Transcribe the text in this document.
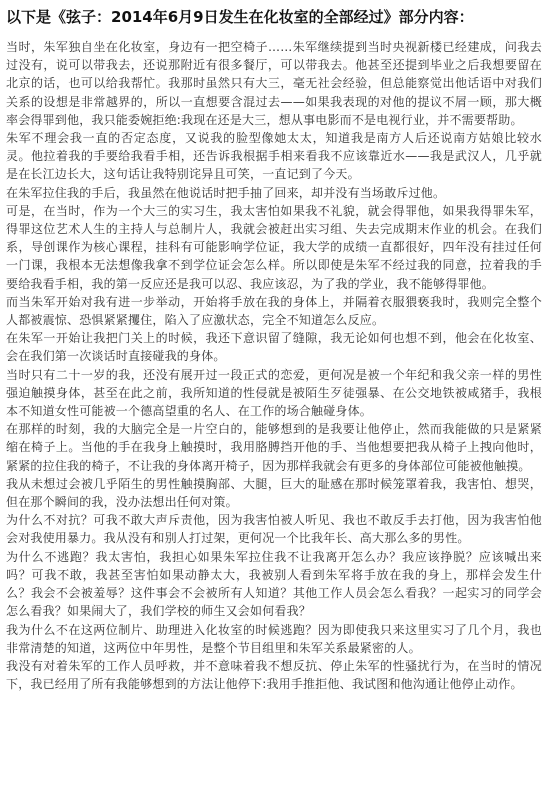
以下是《弦子：2014年6月9日发生在化妆室的全部经过》部分内容：

当时，朱军独自坐在化妆室，身边有一把空椅子……朱军继续提到当时央视新楼已经建成，问我去过没有，说可以带我去，还说那附近有很多餐厅，可以带我去。他甚至还提到毕业之后我想要留在北京的话，也可以给我帮忙。我那时虽然只有大三，毫无社会经验，但总能察觉出他话语中对我们关系的设想是非常越界的，所以一直想要含混过去——如果我表现的对他的提议不屑一顾，那大概率会得罪到他，我只能委婉拒绝:我现在还是大三，想从事电影而不是电视行业，并不需要帮助。

朱军不理会我一直的否定态度，又说我的脸型像她太太，知道我是南方人后还说南方姑娘比较水灵。他拉着我的手要给我看手相，还告诉我根据手相来看我不应该靠近水——我是武汉人，几乎就是在长江边长大，这句话让我特别诧异且可笑，一直记到了今天。

在朱军拉住我的手后，我虽然在他说话时把手抽了回来，却并没有当场敢斥过他。

可是，在当时，作为一个大三的实习生，我太害怕如果我不礼貌，就会得罪他，如果我得罪朱军，得罪这位艺术人生的主持人与总制片人，我就会被赶出实习组、失去完成期末作业的机会。在我们系，导创课作为核心课程，挂科有可能影响学位证，我大学的成绩一直都很好，四年没有挂过任何一门课，我根本无法想像我拿不到学位证会怎么样。所以即使是朱军不经过我的同意，拉着我的手要给我看手相，我的第一反应还是我可以忍、我应该忍，为了我的学业，我不能够得罪他。

而当朱军开始对我有进一步举动，开始将手放在我的身体上，并隔着衣服猥亵我时，我则完全整个人都被震惊、恐惧紧紧攫住，陷入了应激状态，完全不知道怎么反应。

在朱军一开始让我把门关上的时候，我还下意识留了缝隙，我无论如何也想不到，他会在化妆室、会在我们第一次谈话时直接碰我的身体。

当时只有二十一岁的我，还没有展开过一段正式的恋爱，更何况是被一个年纪和我父亲一样的男性强迫触摸身体，甚至在此之前，我所知道的性侵就是被陌生歹徒强暴、在公交地铁被咸猪手，我根本不知道女性可能被一个德高望重的名人、在工作的场合触碰身体。

在那样的时刻，我的大脑完全是一片空白的，能够想到的是我要让他停止，然而我能做的只是紧紧缩在椅子上。当他的手在我身上触摸时，我用胳膊挡开他的手、当他想要把我从椅子上拽向他时，紧紧的拉住我的椅子，不让我的身体离开椅子，因为那样我就会有更多的身体部位可能被他触摸。

我从未想过会被几乎陌生的男性触摸胸部、大腿，巨大的耻感在那时候笼罩着我，我害怕、想哭，但在那个瞬间的我，没办法想出任何对策。

为什么不对抗？可我不敢大声斥责他，因为我害怕被人听见、我也不敢反手去打他，因为我害怕他会对我使用暴力。我从没有和别人打过架，更何况一个比我年长、高大那么多的男性。

为什么不逃跑？我太害怕，我担心如果朱军拉住我不让我离开怎么办？我应该挣脱？应该喊出来吗？可我不敢，我甚至害怕如果动静太大，我被别人看到朱军将手放在我的身上，那样会发生什么？我会不会被羞辱？这件事会不会被所有人知道？其他工作人员会怎么看我？一起实习的同学会怎么看我？如果闹大了，我们学校的师生又会如何看我？

我为什么不在这两位制片、助理进入化妆室的时候逃跑？因为即使我只来这里实习了几个月，我也非常清楚的知道，这两位中年男性，是整个节目组里和朱军关系最紧密的人。

我没有对着朱军的工作人员呼救，并不意味着我不想反抗、停止朱军的性骚扰行为，在当时的情况下，我已经用了所有我能够想到的方法让他停下:我用手推拒他、我试图和他沟通让他停止动作。
